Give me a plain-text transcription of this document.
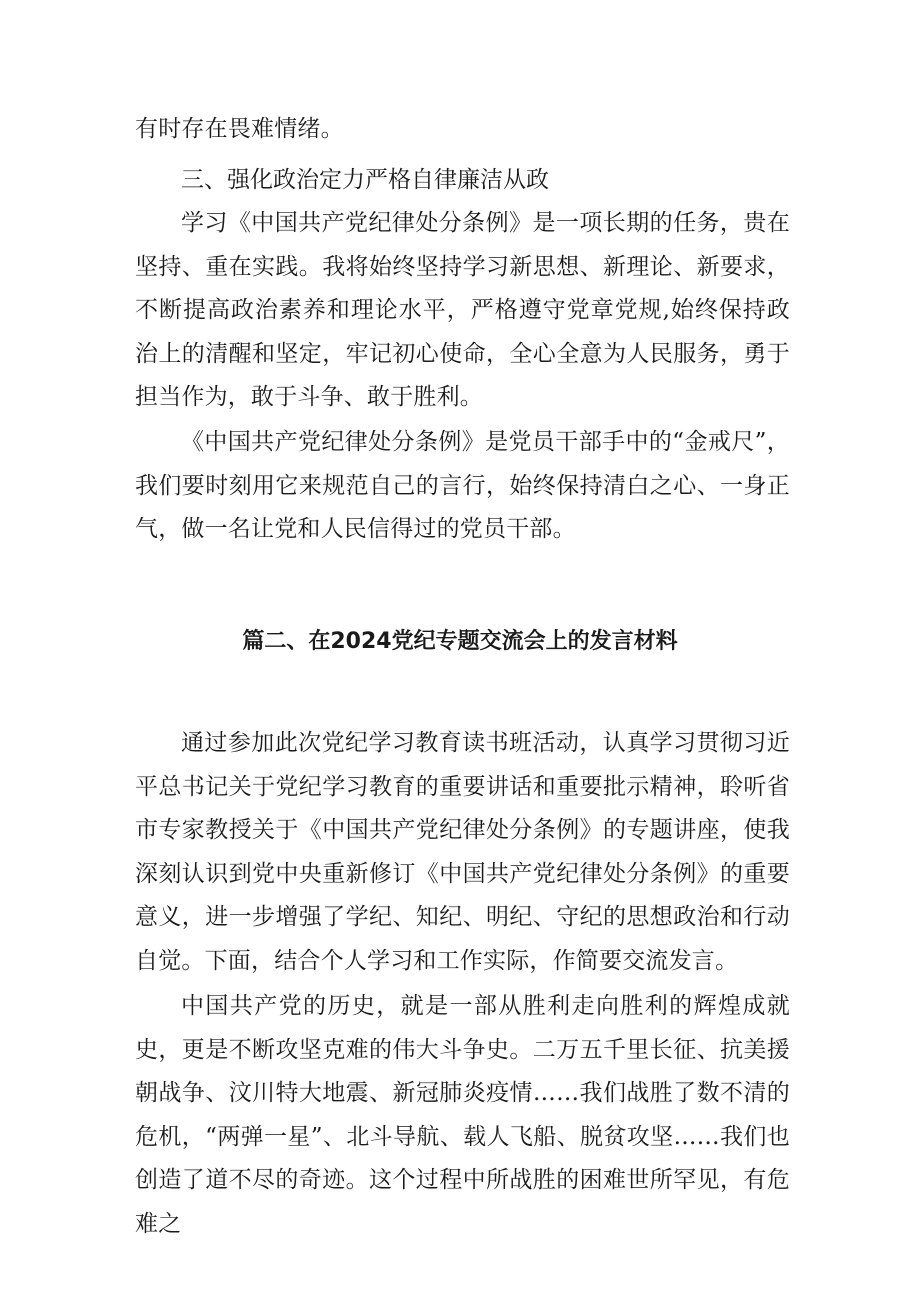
有时存在畏难情绪。

三、强化政治定力严格自律廉洁从政

学习《中国共产党纪律处分条例》是一项长期的任务，贵在坚持、重在实践。我将始终坚持学习新思想、新理论、新要求，不断提高政治素养和理论水平，严格遵守党章党规,始终保持政治上的清醒和坚定，牢记初心使命，全心全意为人民服务，勇于担当作为，敢于斗争、敢于胜利。

《中国共产党纪律处分条例》是党员干部手中的“金戒尺”，我们要时刻用它来规范自己的言行，始终保持清白之心、一身正气，做一名让党和人民信得过的党员干部。

篇二、在2024党纪专题交流会上的发言材料

通过参加此次党纪学习教育读书班活动，认真学习贯彻习近平总书记关于党纪学习教育的重要讲话和重要批示精神，聆听省市专家教授关于《中国共产党纪律处分条例》的专题讲座，使我深刻认识到党中央重新修订《中国共产党纪律处分条例》的重要意义，进一步增强了学纪、知纪、明纪、守纪的思想政治和行动自觉。下面，结合个人学习和工作实际，作简要交流发言。

中国共产党的历史，就是一部从胜利走向胜利的辉煌成就史，更是不断攻坚克难的伟大斗争史。二万五千里长征、抗美援朝战争、汶川特大地震、新冠肺炎疫情……我们战胜了数不清的危机，“两弹一星”、北斗导航、载人飞船、脱贫攻坚……我们也创造了道不尽的奇迹。这个过程中所战胜的困难世所罕见，有危难之
